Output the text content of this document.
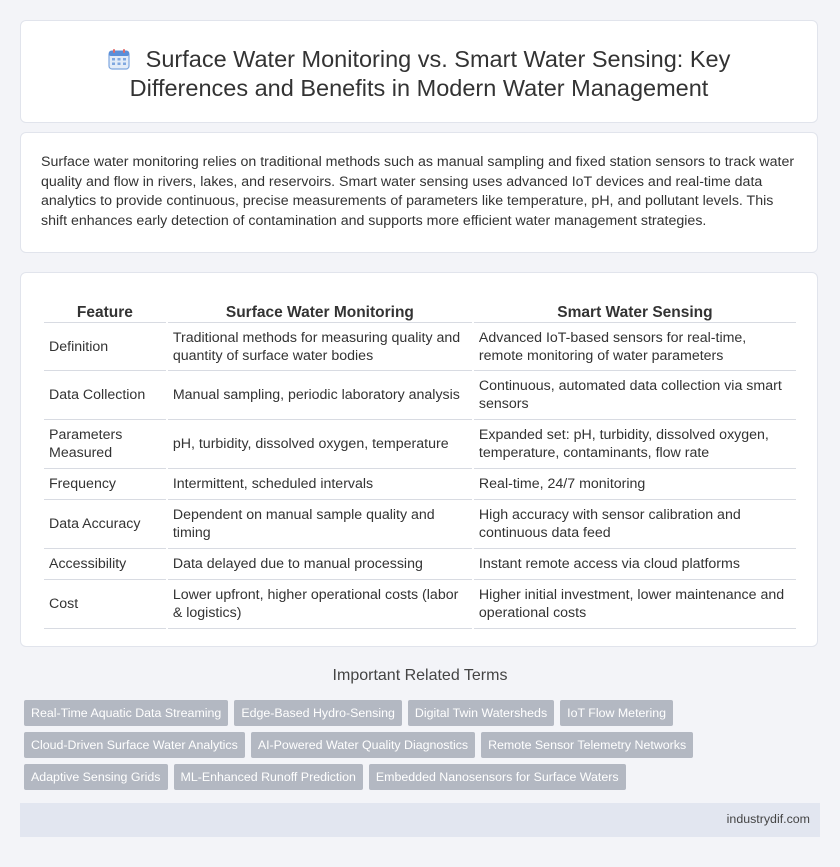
Surface Water Monitoring vs. Smart Water Sensing: Key Differences and Benefits in Modern Water Management

Surface water monitoring relies on traditional methods such as manual sampling and fixed station sensors to track water quality and flow in rivers, lakes, and reservoirs. Smart water sensing uses advanced IoT devices and real-time data analytics to provide continuous, precise measurements of parameters like temperature, pH, and pollutant levels. This shift enhances early detection of contamination and supports more efficient water management strategies.

Feature	Surface Water Monitoring	Smart Water Sensing
Definition	Traditional methods for measuring quality and quantity of surface water bodies	Advanced IoT-based sensors for real-time, remote monitoring of water parameters
Data Collection	Manual sampling, periodic laboratory analysis	Continuous, automated data collection via smart sensors
Parameters Measured	pH, turbidity, dissolved oxygen, temperature	Expanded set: pH, turbidity, dissolved oxygen, temperature, contaminants, flow rate
Frequency	Intermittent, scheduled intervals	Real-time, 24/7 monitoring
Data Accuracy	Dependent on manual sample quality and timing	High accuracy with sensor calibration and continuous data feed
Accessibility	Data delayed due to manual processing	Instant remote access via cloud platforms
Cost	Lower upfront, higher operational costs (labor & logistics)	Higher initial investment, lower maintenance and operational costs
Important Related Terms
Real-Time Aquatic Data Streaming	Edge-Based Hydro-Sensing	Digital Twin Watersheds	IoT Flow Metering
Cloud-Driven Surface Water Analytics	AI-Powered Water Quality Diagnostics	Remote Sensor Telemetry Networks
Adaptive Sensing Grids	ML-Enhanced Runoff Prediction	Embedded Nanosensors for Surface Waters
industrydif.com
